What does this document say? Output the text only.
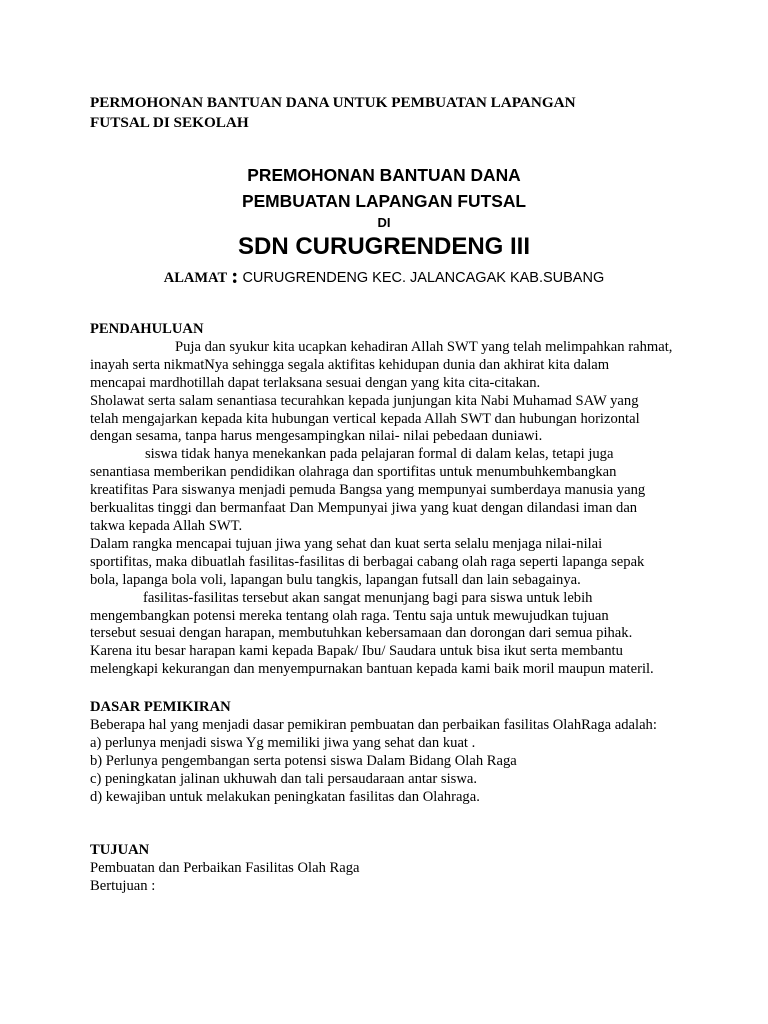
PERMOHONAN BANTUAN DANA UNTUK PEMBUATAN LAPANGAN
FUTSAL DI SEKOLAH
PREMOHONAN BANTUAN DANA
PEMBUATAN LAPANGAN FUTSAL
DI
SDN CURUGRENDENG III
ALAMAT : CURUGRENDENG KEC. JALANCAGAK KAB.SUBANG
PENDAHULUAN
Puja dan syukur kita ucapkan kehadiran Allah SWT yang telah melimpahkan rahmat,
inayah serta nikmatNya sehingga segala aktifitas kehidupan dunia dan akhirat kita dalam
mencapai mardhotillah dapat terlaksana sesuai dengan yang kita cita-citakan.
Sholawat serta salam senantiasa tecurahkan kepada junjungan kita Nabi Muhamad SAW yang
telah mengajarkan kepada kita hubungan vertical kepada Allah SWT dan hubungan horizontal
dengan sesama, tanpa harus mengesampingkan nilai- nilai pebedaan duniawi.
siswa tidak hanya menekankan pada pelajaran formal di dalam kelas, tetapi juga
senantiasa memberikan pendidikan olahraga dan sportifitas untuk menumbuhkembangkan
kreatifitas Para siswanya menjadi pemuda Bangsa yang mempunyai sumberdaya manusia yang
berkualitas tinggi dan bermanfaat Dan Mempunyai jiwa yang kuat dengan dilandasi iman dan
takwa kepada Allah SWT.
Dalam rangka mencapai tujuan jiwa yang sehat dan kuat serta selalu menjaga nilai-nilai
sportifitas, maka dibuatlah fasilitas-fasilitas di berbagai cabang olah raga seperti lapanga sepak
bola, lapanga bola voli, lapangan bulu tangkis, lapangan futsall dan lain sebagainya.
fasilitas-fasilitas tersebut akan sangat menunjang bagi para siswa untuk lebih
mengembangkan potensi mereka tentang olah raga. Tentu saja untuk mewujudkan tujuan
tersebut sesuai dengan harapan, membutuhkan kebersamaan dan dorongan dari semua pihak.
Karena itu besar harapan kami kepada Bapak/ Ibu/ Saudara untuk bisa ikut serta membantu
melengkapi kekurangan dan menyempurnakan bantuan kepada kami baik moril maupun materil.
DASAR PEMIKIRAN
Beberapa hal yang menjadi dasar pemikiran pembuatan dan perbaikan fasilitas OlahRaga adalah:
a) perlunya menjadi siswa Yg memiliki jiwa yang sehat dan kuat .
b) Perlunya pengembangan serta potensi siswa Dalam Bidang Olah Raga
c) peningkatan jalinan ukhuwah dan tali persaudaraan antar siswa.
d) kewajiban untuk melakukan peningkatan fasilitas dan Olahraga.
TUJUAN
Pembuatan dan Perbaikan Fasilitas Olah Raga
Bertujuan :
